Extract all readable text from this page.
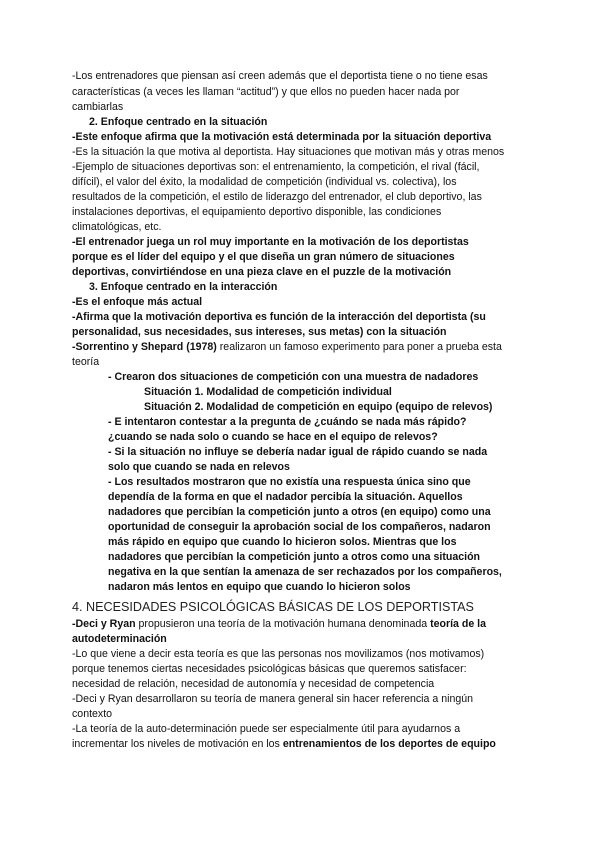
-Los entrenadores que piensan así creen además que el deportista tiene o no tiene esas
características (a veces les llaman “actitud”) y que ellos no pueden hacer nada por
cambiarlas
2. Enfoque centrado en la situación
-Este enfoque afirma que la motivación está determinada por la situación deportiva
-Es la situación la que motiva al deportista. Hay situaciones que motivan más y otras menos
-Ejemplo de situaciones deportivas son: el entrenamiento, la competición, el rival (fácil,
difícil), el valor del éxito, la modalidad de competición (individual vs. colectiva), los
resultados de la competición, el estilo de liderazgo del entrenador, el club deportivo, las
instalaciones deportivas, el equipamiento deportivo disponible, las condiciones
climatológicas, etc.
-El entrenador juega un rol muy importante en la motivación de los deportistas
porque es el líder del equipo y el que diseña un gran número de situaciones
deportivas, convirtiéndose en una pieza clave en el puzzle de la motivación
3. Enfoque centrado en la interacción
-Es el enfoque más actual
-Afirma que la motivación deportiva es función de la interacción del deportista (su
personalidad, sus necesidades, sus intereses, sus metas) con la situación
-Sorrentino y Shepard (1978) realizaron un famoso experimento para poner a prueba esta
teoría
- Crearon dos situaciones de competición con una muestra de nadadores
Situación 1. Modalidad de competición individual
Situación 2. Modalidad de competición en equipo (equipo de relevos)
- E intentaron contestar a la pregunta de ¿cuándo se nada más rápido?
¿cuando se nada solo o cuando se hace en el equipo de relevos?
- Si la situación no influye se debería nadar igual de rápido cuando se nada
solo que cuando se nada en relevos
- Los resultados mostraron que no existía una respuesta única sino que
dependía de la forma en que el nadador percibía la situación. Aquellos
nadadores que percibían la competición junto a otros (en equipo) como una
oportunidad de conseguir la aprobación social de los compañeros, nadaron
más rápido en equipo que cuando lo hicieron solos. Mientras que los
nadadores que percibían la competición junto a otros como una situación
negativa en la que sentían la amenaza de ser rechazados por los compañeros,
nadaron más lentos en equipo que cuando lo hicieron solos
4. NECESIDADES PSICOLÓGICAS BÁSICAS DE LOS DEPORTISTAS
-Deci y Ryan propusieron una teoría de la motivación humana denominada teoría de la
autodeterminación
-Lo que viene a decir esta teoría es que las personas nos movilizamos (nos motivamos)
porque tenemos ciertas necesidades psicológicas básicas que queremos satisfacer:
necesidad de relación, necesidad de autonomía y necesidad de competencia
-Deci y Ryan desarrollaron su teoría de manera general sin hacer referencia a ningún
contexto
-La teoría de la auto-determinación puede ser especialmente útil para ayudarnos a
incrementar los niveles de motivación en los entrenamientos de los deportes de equipo
